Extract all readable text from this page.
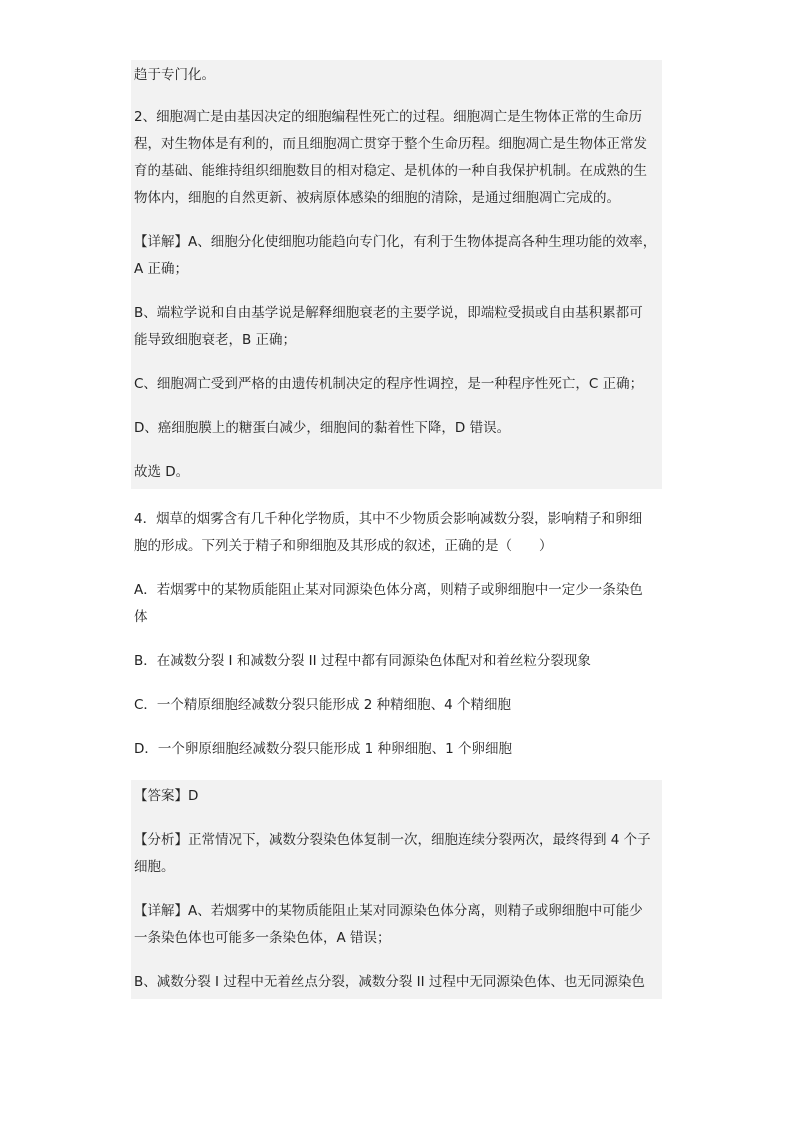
趋于专门化。
2、细胞凋亡是由基因决定的细胞编程性死亡的过程。细胞凋亡是生物体正常的生命历
程，对生物体是有利的，而且细胞凋亡贯穿于整个生命历程。细胞凋亡是生物体正常发
育的基础、能维持组织细胞数目的相对稳定、是机体的一种自我保护机制。在成熟的生
物体内，细胞的自然更新、被病原体感染的细胞的清除，是通过细胞凋亡完成的。
【详解】A、细胞分化使细胞功能趋向专门化，有利于生物体提高各种生理功能的效率，
A 正确；
B、端粒学说和自由基学说是解释细胞衰老的主要学说，即端粒受损或自由基积累都可
能导致细胞衰老，B 正确；
C、细胞凋亡受到严格的由遗传机制决定的程序性调控，是一种程序性死亡，C 正确；
D、癌细胞膜上的糖蛋白减少，细胞间的黏着性下降，D 错误。
故选 D。
4．烟草的烟雾含有几千种化学物质，其中不少物质会影响减数分裂，影响精子和卵细
胞的形成。下列关于精子和卵细胞及其形成的叙述，正确的是（　　）
A．若烟雾中的某物质能阻止某对同源染色体分离，则精子或卵细胞中一定少一条染色
体
B．在减数分裂 I 和减数分裂 II 过程中都有同源染色体配对和着丝粒分裂现象
C．一个精原细胞经减数分裂只能形成 2 种精细胞、4 个精细胞
D．一个卵原细胞经减数分裂只能形成 1 种卵细胞、1 个卵细胞
【答案】D
【分析】正常情况下，减数分裂染色体复制一次，细胞连续分裂两次，最终得到 4 个子
细胞。
【详解】A、若烟雾中的某物质能阻止某对同源染色体分离，则精子或卵细胞中可能少
一条染色体也可能多一条染色体，A 错误；
B、减数分裂 I 过程中无着丝点分裂，减数分裂 II 过程中无同源染色体、也无同源染色
